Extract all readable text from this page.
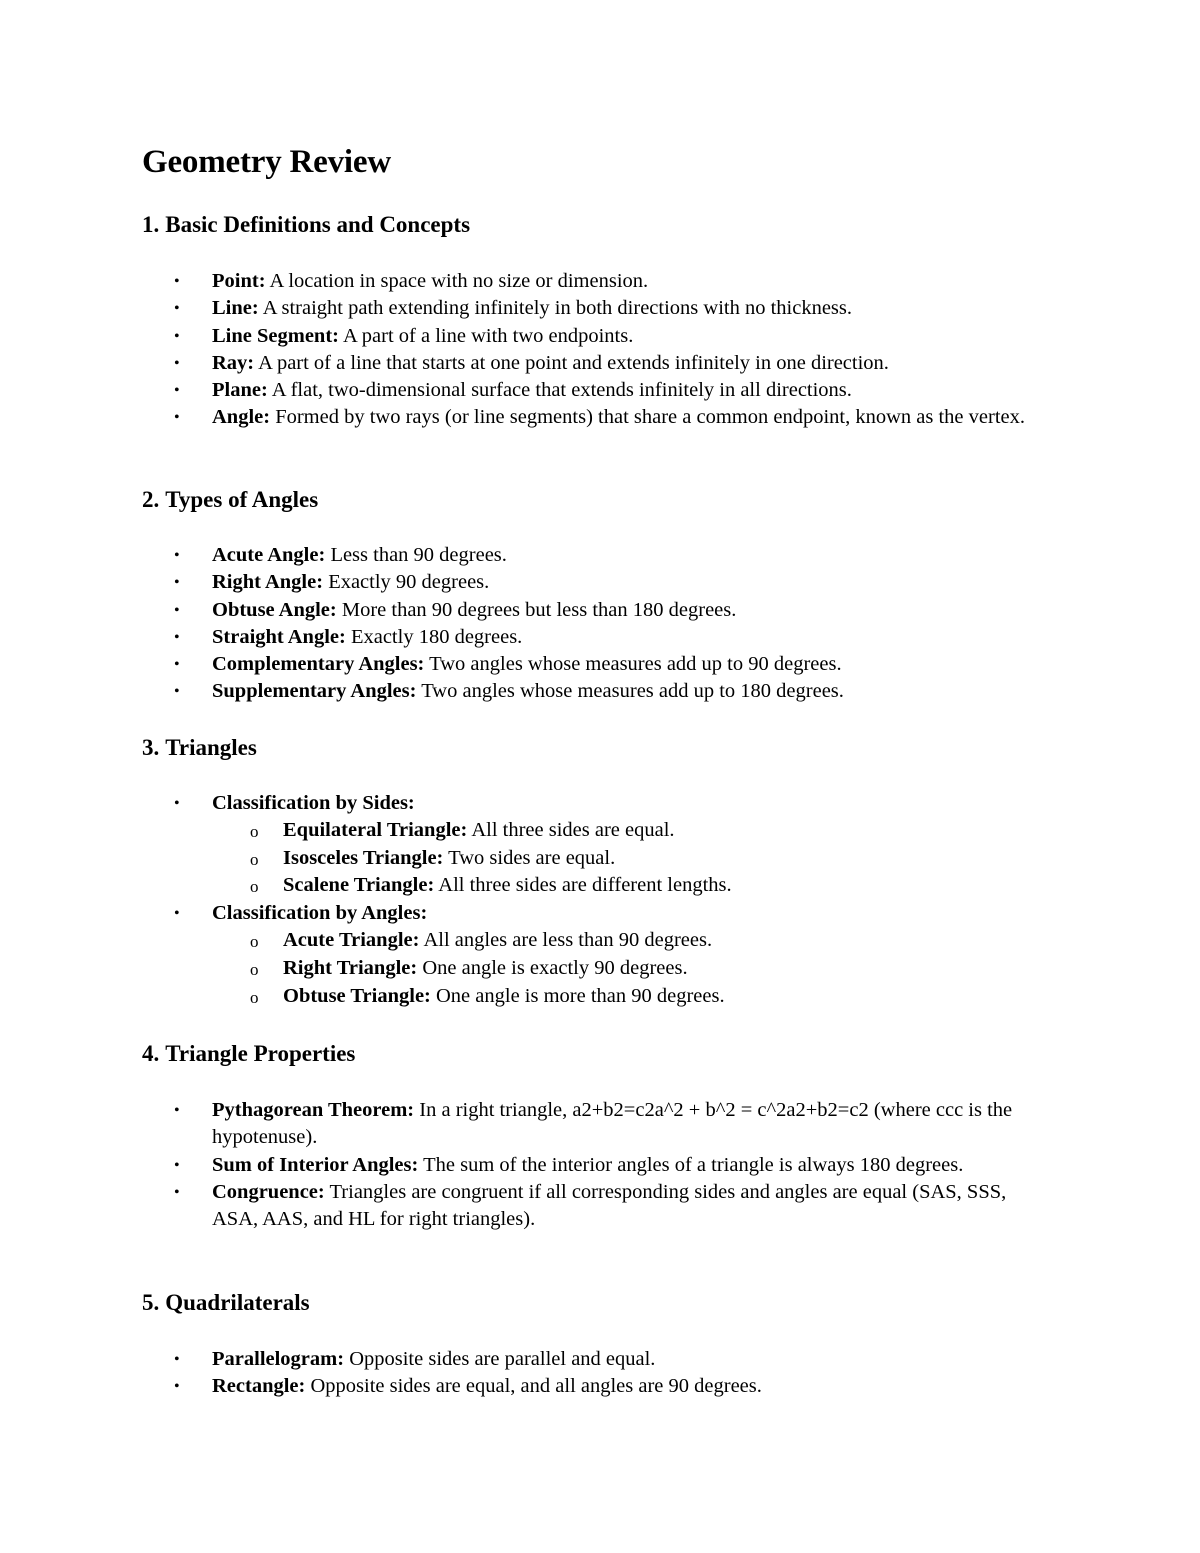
Geometry Review
1. Basic Definitions and Concepts
• Point: A location in space with no size or dimension.
• Line: A straight path extending infinitely in both directions with no thickness.
• Line Segment: A part of a line with two endpoints.
• Ray: A part of a line that starts at one point and extends infinitely in one direction.
• Plane: A flat, two-dimensional surface that extends infinitely in all directions.
• Angle: Formed by two rays (or line segments) that share a common endpoint, known as the vertex.
2. Types of Angles
• Acute Angle: Less than 90 degrees.
• Right Angle: Exactly 90 degrees.
• Obtuse Angle: More than 90 degrees but less than 180 degrees.
• Straight Angle: Exactly 180 degrees.
• Complementary Angles: Two angles whose measures add up to 90 degrees.
• Supplementary Angles: Two angles whose measures add up to 180 degrees.
3. Triangles
• Classification by Sides:
o Equilateral Triangle: All three sides are equal.
o Isosceles Triangle: Two sides are equal.
o Scalene Triangle: All three sides are different lengths.
• Classification by Angles:
o Acute Triangle: All angles are less than 90 degrees.
o Right Triangle: One angle is exactly 90 degrees.
o Obtuse Triangle: One angle is more than 90 degrees.
4. Triangle Properties
• Pythagorean Theorem: In a right triangle, a2+b2=c2a^2 + b^2 = c^2a2+b2=c2 (where ccc is the hypotenuse).
• Sum of Interior Angles: The sum of the interior angles of a triangle is always 180 degrees.
• Congruence: Triangles are congruent if all corresponding sides and angles are equal (SAS, SSS, ASA, AAS, and HL for right triangles).
5. Quadrilaterals
• Parallelogram: Opposite sides are parallel and equal.
• Rectangle: Opposite sides are equal, and all angles are 90 degrees.
